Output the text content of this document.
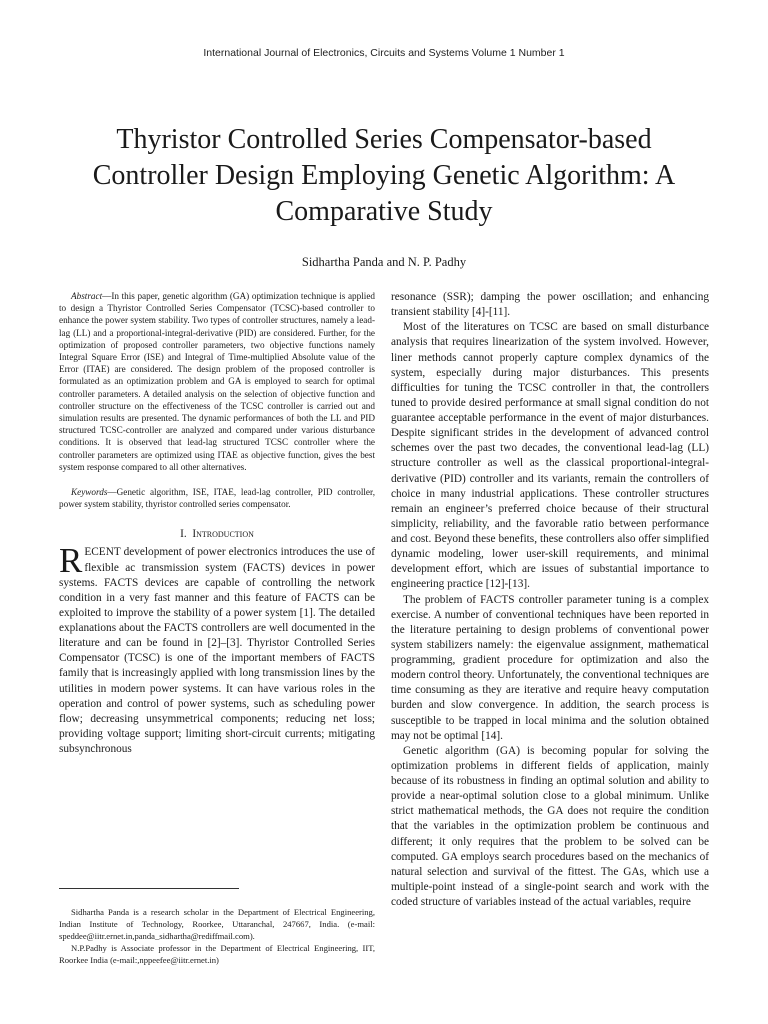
International Journal of Electronics, Circuits and Systems Volume 1 Number 1
Thyristor Controlled Series Compensator-based Controller Design Employing Genetic Algorithm: A Comparative Study
Sidhartha Panda and N. P. Padhy

Abstract—In this paper, genetic algorithm (GA) optimization technique is applied to design a Thyristor Controlled Series Compensator (TCSC)-based controller to enhance the power system stability. Two types of controller structures, namely a lead-lag (LL) and a proportional-integral-derivative (PID) are considered. Further, for the optimization of proposed controller parameters, two objective functions namely Integral Square Error (ISE) and Integral of Time-multiplied Absolute value of the Error (ITAE) are considered. The design problem of the proposed controller is formulated as an optimization problem and GA is employed to search for optimal controller parameters. A detailed analysis on the selection of objective function and controller structure on the effectiveness of the TCSC controller is carried out and simulation results are presented. The dynamic performances of both the LL and PID structured TCSC-controller are analyzed and compared under various disturbance conditions. It is observed that lead-lag structured TCSC controller where the controller parameters are optimized using ITAE as objective function, gives the best system response compared to all other alternatives.

Keywords—Genetic algorithm, ISE, ITAE, lead-lag controller, PID controller, power system stability, thyristor controlled series compensator.

I. Introduction

RECENT development of power electronics introduces the use of flexible ac transmission system (FACTS) devices in power systems. FACTS devices are capable of controlling the network condition in a very fast manner and this feature of FACTS can be exploited to improve the stability of a power system [1]. The detailed explanations about the FACTS controllers are well documented in the literature and can be found in [2]–[3]. Thyristor Controlled Series Compensator (TCSC) is one of the important members of FACTS family that is increasingly applied with long transmission lines by the utilities in modern power systems. It can have various roles in the operation and control of power systems, such as scheduling power flow; decreasing unsymmetrical components; reducing net loss; providing voltage support; limiting short-circuit currents; mitigating subsynchronous

Sidhartha Panda is a research scholar in the Department of Electrical Engineering, Indian Institute of Technology, Roorkee, Uttaranchal, 247667, India. (e-mail: speddee@iitr.ernet.in,panda_sidhartha@rediffmail.com).

N.P.Padhy is Associate professor in the Department of Electrical Engineering, IIT, Roorkee India (e-mail:,nppeefee@iitr.ernet.in)

resonance (SSR); damping the power oscillation; and enhancing transient stability [4]-[11].

Most of the literatures on TCSC are based on small disturbance analysis that requires linearization of the system involved. However, liner methods cannot properly capture complex dynamics of the system, especially during major disturbances. This presents difficulties for tuning the TCSC controller in that, the controllers tuned to provide desired performance at small signal condition do not guarantee acceptable performance in the event of major disturbances. Despite significant strides in the development of advanced control schemes over the past two decades, the conventional lead-lag (LL) structure controller as well as the classical proportional-integral-derivative (PID) controller and its variants, remain the controllers of choice in many industrial applications. These controller structures remain an engineer’s preferred choice because of their structural simplicity, reliability, and the favorable ratio between performance and cost. Beyond these benefits, these controllers also offer simplified dynamic modeling, lower user-skill requirements, and minimal development effort, which are issues of substantial importance to engineering practice [12]-[13].

The problem of FACTS controller parameter tuning is a complex exercise. A number of conventional techniques have been reported in the literature pertaining to design problems of conventional power system stabilizers namely: the eigenvalue assignment, mathematical programming, gradient procedure for optimization and also the modern control theory. Unfortunately, the conventional techniques are time consuming as they are iterative and require heavy computation burden and slow convergence. In addition, the search process is susceptible to be trapped in local minima and the solution obtained may not be optimal [14].

Genetic algorithm (GA) is becoming popular for solving the optimization problems in different fields of application, mainly because of its robustness in finding an optimal solution and ability to provide a near-optimal solution close to a global minimum. Unlike strict mathematical methods, the GA does not require the condition that the variables in the optimization problem be continuous and different; it only requires that the problem to be solved can be computed. GA employs search procedures based on the mechanics of natural selection and survival of the fittest. The GAs, which use a multiple-point instead of a single-point search and work with the coded structure of variables instead of the actual variables, require
